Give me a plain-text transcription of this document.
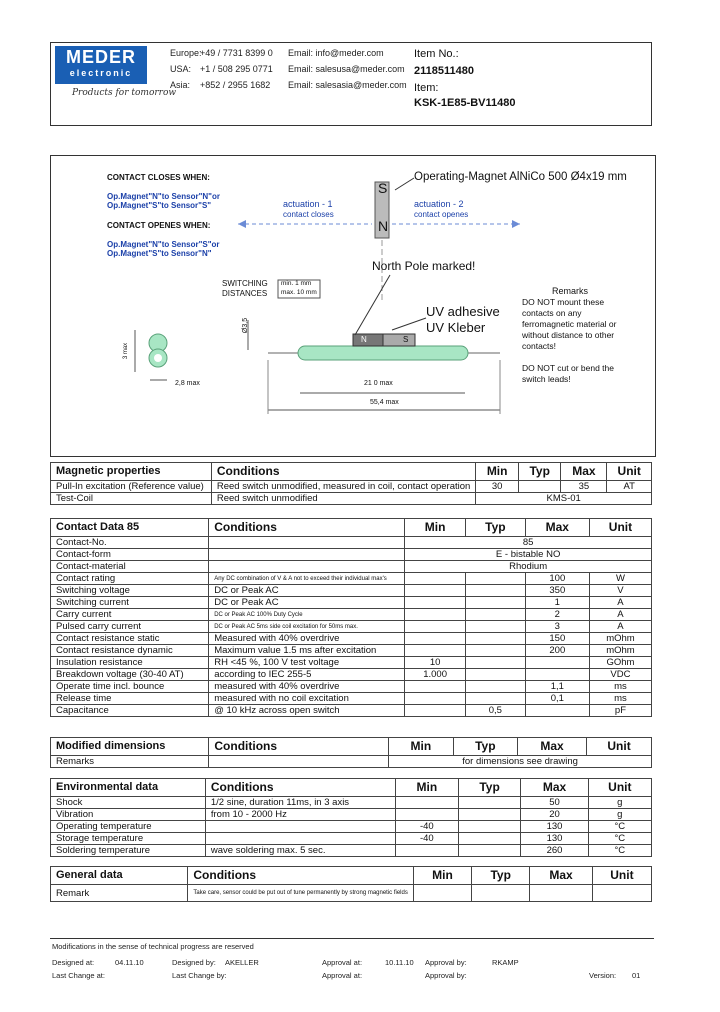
MEDER
electronic
Products for tomorrow
Europe:
+49 / 7731 8399 0 Email: info@meder.com
USA: +1 / 508 295 0771 Email: salesusa@meder.com
Asia: +852 / 2955 1682 Email: salesasia@meder.com
Item No.:
2118511480
Item:
KSK-1E85-BV11480
CONTACT CLOSES WHEN:
Op.Magnet"N"to Sensor"N"or
Op.Magnet"S"to Sensor"S"
CONTACT OPENES WHEN:
Op.Magnet"N"to Sensor"S"or
Op.Magnet"S"to Sensor"N"
S
N
Operating-Magnet AlNiCo 500 Ø4x19 mm
actuation - 1
contact closes
actuation - 2
contact openes
SWITCHING
DISTANCES
min. 1 mm
max. 10 mm
North Pole marked!
UV adhesive
UV Kleber
N	S
Remarks
DO NOT mount these
contacts on any
ferromagnetic material or
without distance to other
contacts!
DO NOT cut or bend the
switch leads!
Ø3,5
3 max
2,8 max	21 0 max
55,4 max
Magnetic properties	Conditions	Min	Typ	Max	Unit
Pull-In excitation (Reference value)	Reed switch unmodified, measured in coil, contact operation	30		35	AT
Test-Coil	Reed switch unmodified	KMS-01			
Contact Data 85	Conditions	Min	Typ	Max	Unit
Contact-No.		85			
Contact-form		E - bistable NO			
Contact-material		Rhodium			
Contact rating	Any DC combination of V & A not to exceed their individual max's			100	W
Switching voltage	DC or Peak AC			350	V
Switching current	DC or Peak AC			1	A
Carry current	DC or Peak AC 100% Duty Cycle			2	A
Pulsed carry current	DC or Peak AC 5ms side coil excitation for 50ms max.			3	A
Contact resistance static	Measured with 40% overdrive			150	mOhm
Contact resistance dynamic	Maximum value 1.5 ms after excitation			200	mOhm
Insulation resistance	RH <45 %, 100 V test voltage	10			GOhm
Breakdown voltage (30-40 AT)	according to IEC 255-5	1.000			VDC
Operate time incl. bounce	measured with 40% overdrive			1,1	ms
Release time	measured with no coil excitation			0,1	ms
Capacitance	@ 10 kHz across open switch		0,5		pF
Modified dimensions	Conditions	Min	Typ	Max	Unit
Remarks		for dimensions see drawing			
Environmental data	Conditions	Min	Typ	Max	Unit
Shock	1/2 sine, duration 11ms, in 3 axis			50	g
Vibration	from 10 - 2000 Hz			20	g
Operating temperature		-40		130	°C
Storage temperature		-40		130	°C
Soldering temperature	wave soldering max. 5 sec.			260	°C
General data	Conditions	Min	Typ	Max	Unit
Remark	Take care, sensor could be put out of tune permanently by strong magnetic fields				
Modifications in the sense of technical progress are reserved
Designed at:	04.11.10	Designed by: AKELLER	Approval at:	10.11.10 Approval by:	RKAMP
Last Change at:	Last Change by:	Approval at:	Approval by:	Version: 01
